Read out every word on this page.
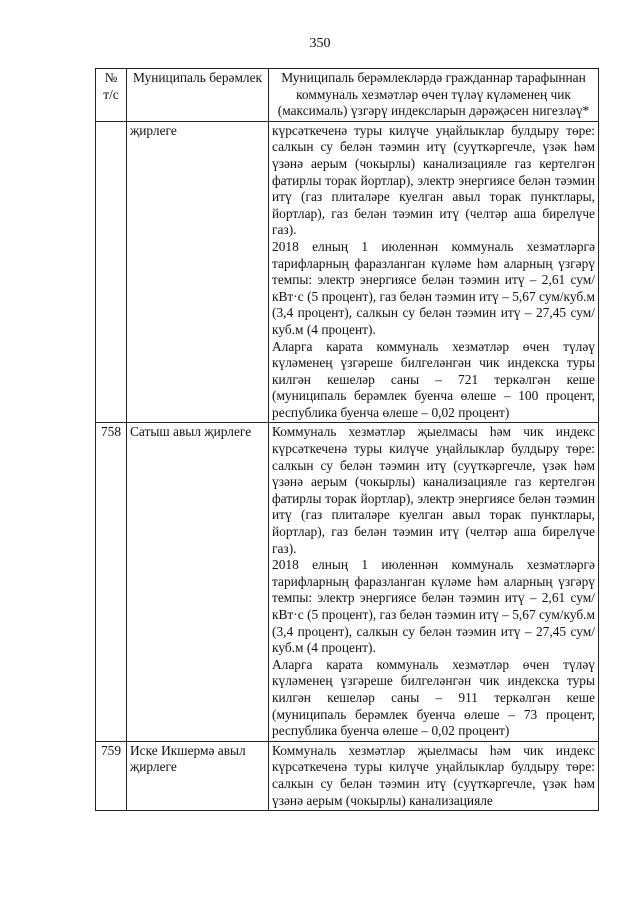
350
№ т/с	Муниципаль берәмлек	Муниципаль берәмлекләрдә гражданнар тарафыннан коммуналь хезмәтләр өчен түләү күләменең чик (максималь) үзгәрү индексларын дәрәҗәсен нигезләү*
	җирлеге	күрсәткеченә туры килүче уңайлыклар булдыру төре: салкын су белән тәэмин итү (суүткәргечле, үзәк һәм үзәнә аерым (чокырлы) канализацияле газ кертелгән фатирлы торак йортлар), электр энергиясе белән тәэмин итү (газ плиталәре куелган авыл торак пунктлары, йортлар), газ белән тәэмин итү (челтәр аша бирелүче газ).

2018 елның 1 июленнән коммуналь хезмәтләргә тарифларның фаразланган күләме һәм аларның үзгәрү темпы: электр энергиясе белән тәэмин итү – 2,61 сум/кВт·с (5 процент), газ белән тәэмин итү – 5,67 сум/куб.м (3,4 процент), салкын су белән тәэмин итү – 27,45 сум/куб.м (4 процент).

Аларга карата коммуналь хезмәтләр өчен түләү күләменең үзгәреше билгеләнгән чик индекска туры килгән кешеләр саны – 721 теркәлгән кеше (муниципаль берәмлек буенча өлеше – 100 процент, республика буенча өлеше – 0,02 процент)

758	Сатыш авыл җирлеге	Коммуналь хезмәтләр җыелмасы һәм чик индекс күрсәткеченә туры килүче уңайлыклар булдыру төре: салкын су белән тәэмин итү (суүткәргечле, үзәк һәм үзәнә аерым (чокырлы) канализацияле газ кертелгән фатирлы торак йортлар), электр энергиясе белән тәэмин итү (газ плиталәре куелган авыл торак пунктлары, йортлар), газ белән тәэмин итү (челтәр аша бирелүче газ).

2018 елның 1 июленнән коммуналь хезмәтләргә тарифларның фаразланган күләме һәм аларның үзгәрү темпы: электр энергиясе белән тәэмин итү – 2,61 сум/кВт·с (5 процент), газ белән тәэмин итү – 5,67 сум/куб.м (3,4 процент), салкын су белән тәэмин итү – 27,45 сум/куб.м (4 процент).

Аларга карата коммуналь хезмәтләр өчен түләү күләменең үзгәреше билгеләнгән чик индекска туры килгән кешеләр саны – 911 теркәлгән кеше (муниципаль берәмлек буенча өлеше – 73 процент, республика буенча өлеше – 0,02 процент)

759	Иске Икшермә авыл җирлеге	Коммуналь хезмәтләр җыелмасы һәм чик индекс күрсәткеченә туры килүче уңайлыклар булдыру төре: салкын су белән тәэмин итү (суүткәргечле, үзәк һәм үзәнә аерым (чокырлы) канализацияле
